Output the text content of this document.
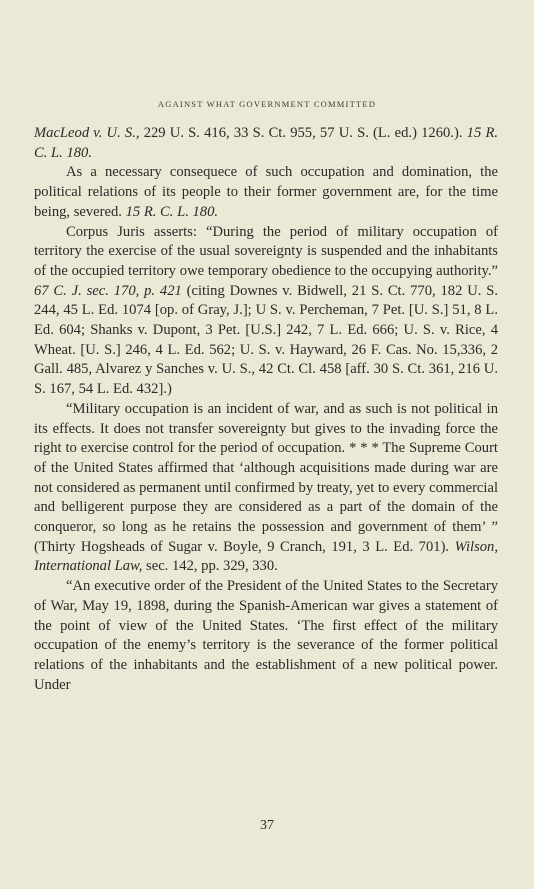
AGAINST WHAT GOVERNMENT COMMITTED

MacLeod v. U. S., 229 U. S. 416, 33 S. Ct. 955, 57 U. S. (L. ed.) 1260.). 15 R. C. L. 180.

As a necessary consequece of such occupation and domination, the political relations of its people to their former government are, for the time being, severed. 15 R. C. L. 180.

Corpus Juris asserts: “During the period of military occupation of territory the exercise of the usual sovereignty is suspended and the inhabitants of the occupied territory owe temporary obedience to the occupying authority.” 67 C. J. sec. 170, p. 421 (citing Downes v. Bidwell, 21 S. Ct. 770, 182 U. S. 244, 45 L. Ed. 1074 [op. of Gray, J.]; U S. v. Percheman, 7 Pet. [U. S.] 51, 8 L. Ed. 604; Shanks v. Dupont, 3 Pet. [U.S.] 242, 7 L. Ed. 666; U. S. v. Rice, 4 Wheat. [U. S.] 246, 4 L. Ed. 562; U. S. v. Hayward, 26 F. Cas. No. 15,336, 2 Gall. 485, Alvarez y Sanches v. U. S., 42 Ct. Cl. 458 [aff. 30 S. Ct. 361, 216 U. S. 167, 54 L. Ed. 432].)

“Military occupation is an incident of war, and as such is not political in its effects. It does not transfer sovereignty but gives to the invading force the right to exercise control for the period of occupation. * * * The Supreme Court of the United States affirmed that ‘although acquisitions made during war are not considered as permanent until confirmed by treaty, yet to every commercial and belligerent purpose they are considered as a part of the domain of the conqueror, so long as he retains the possession and government of them’ ” (Thirty Hogsheads of Sugar v. Boyle, 9 Cranch, 191, 3 L. Ed. 701). Wilson, International Law, sec. 142, pp. 329, 330.

“An executive order of the President of the United States to the Secretary of War, May 19, 1898, during the Spanish-American war gives a statement of the point of view of the United States. ‘The first effect of the military occupation of the enemy’s territory is the severance of the former political relations of the inhabitants and the establishment of a new political power. Under

37
